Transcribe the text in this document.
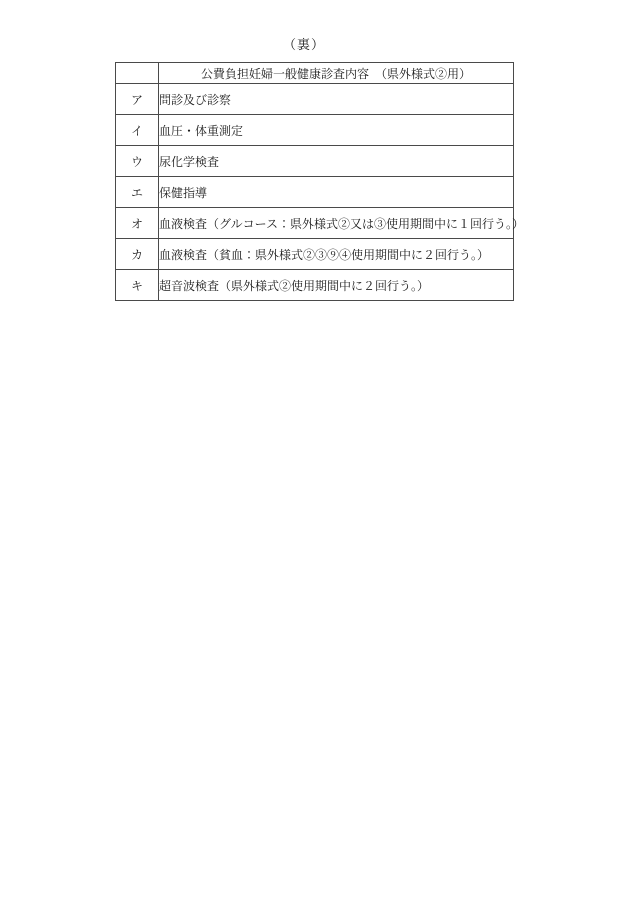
（裏）
	公費負担妊婦一般健康診査内容　（県外様式②用）
ア	問診及び診察
イ	血圧・体重測定
ウ	尿化学検査
エ	保健指導
オ	血液検査（グルコース：県外様式②又は③使用期間中に１回行う。）
カ	血液検査（貧血：県外様式②③⑨④使用期間中に２回行う。）
キ	超音波検査（県外様式②使用期間中に２回行う。）
